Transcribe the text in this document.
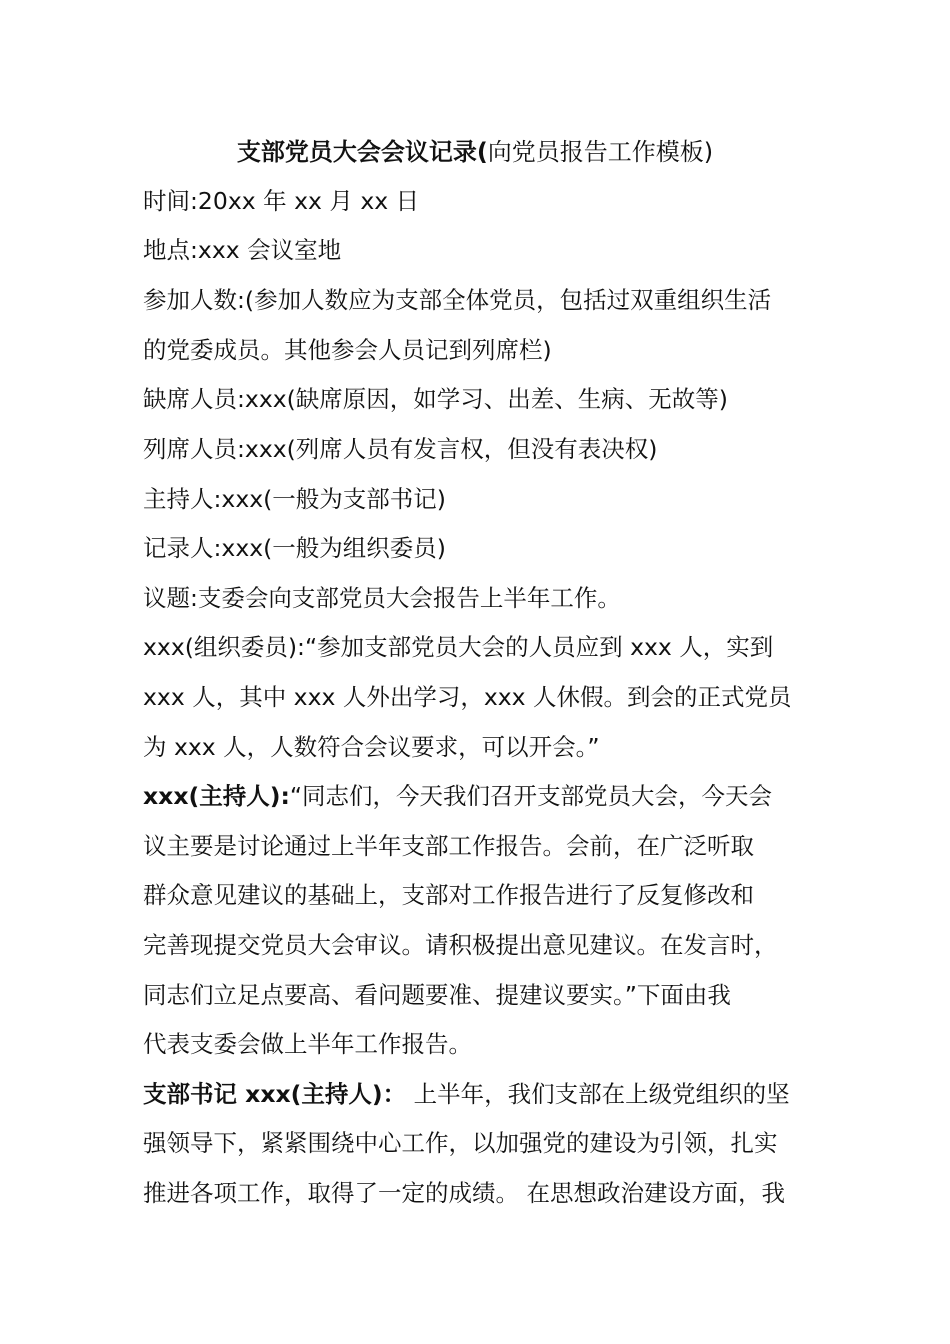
支部党员大会会议记录(向党员报告工作模板)
时间:20xx 年 xx 月 xx 日
地点:xxx 会议室地
参加人数:(参加人数应为支部全体党员，包括过双重组织生活
的党委成员。其他参会人员记到列席栏)
缺席人员:xxx(缺席原因，如学习、出差、生病、无故等)
列席人员:xxx(列席人员有发言权，但没有表决权)
主持人:xxx(一般为支部书记)
记录人:xxx(一般为组织委员)
议题:支委会向支部党员大会报告上半年工作。
xxx(组织委员):“参加支部党员大会的人员应到 xxx 人，实到
xxx 人，其中 xxx 人外出学习，xxx 人休假。到会的正式党员
为 xxx 人，人数符合会议要求，可以开会。”
xxx(主持人):“同志们，今天我们召开支部党员大会，今天会
议主要是讨论通过上半年支部工作报告。会前，在广泛听取
群众意见建议的基础上，支部对工作报告进行了反复修改和
完善现提交党员大会审议。请积极提出意见建议。在发言时，
同志们立足点要高、看问题要准、提建议要实。”下面由我
代表支委会做上半年工作报告。
支部书记 xxx(主持人)： 上半年，我们支部在上级党组织的坚
强领导下，紧紧围绕中心工作，以加强党的建设为引领，扎实
推进各项工作，取得了一定的成绩。 在思想政治建设方面，我
